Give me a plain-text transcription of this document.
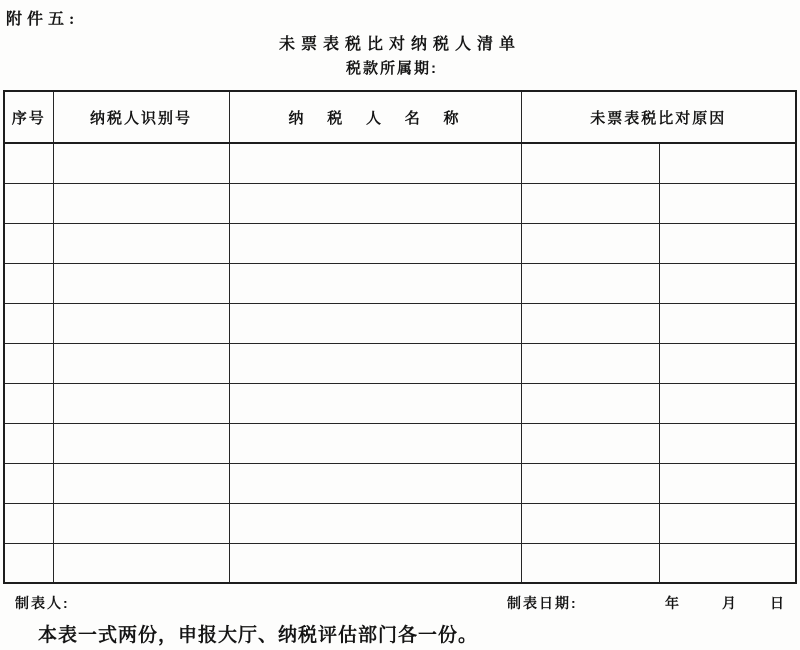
附件五:
未票表税比对纳税人清单
税款所属期:
序号	纳税人识别号	纳 税 人 名 称	未票表税比对原因	

制表人:	制表日期:	年	月 日
本表一式两份，申报大厅、纳税评估部门各一份。
